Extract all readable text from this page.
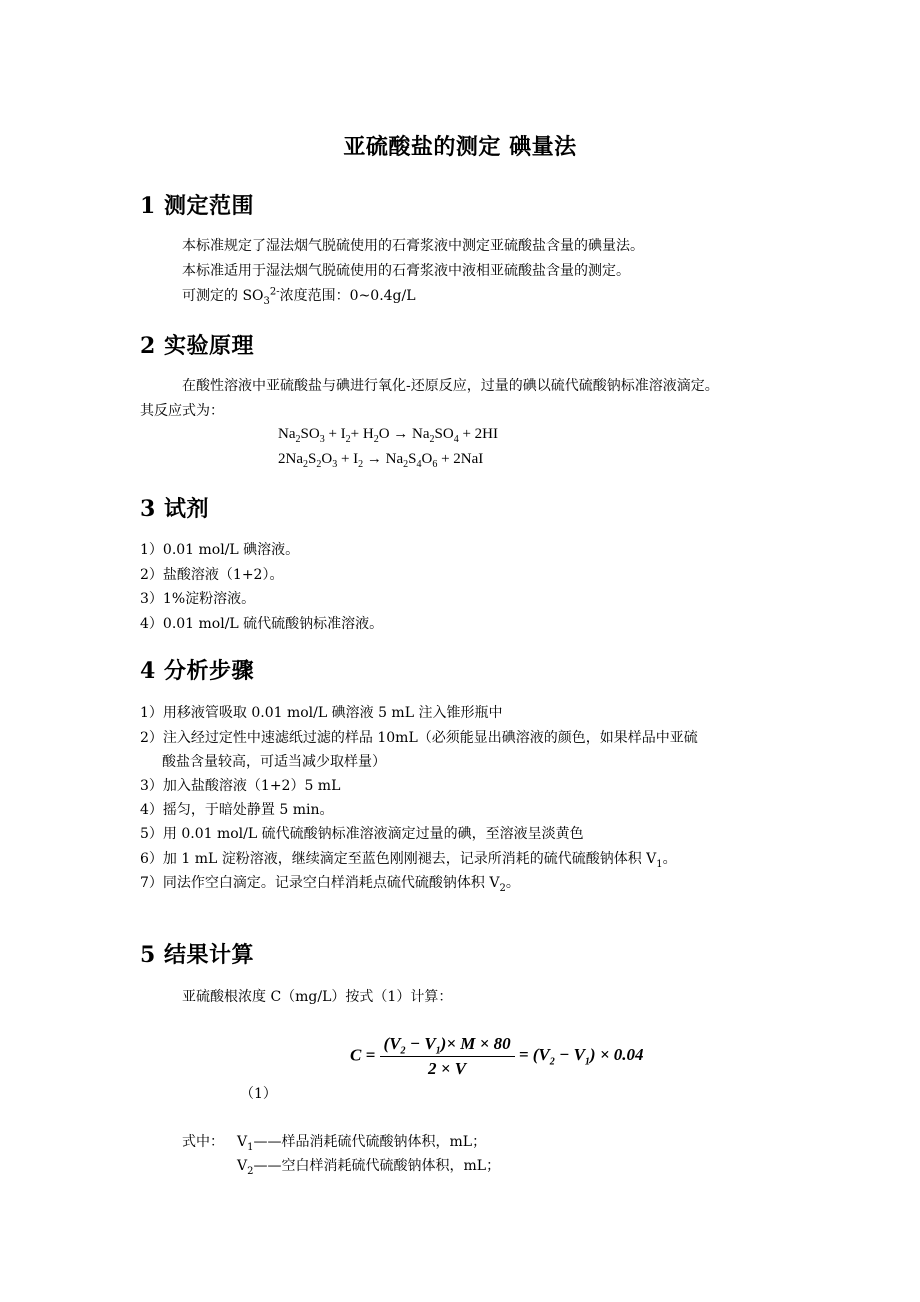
亚硫酸盐的测定 碘量法
1 测定范围
本标准规定了湿法烟气脱硫使用的石膏浆液中测定亚硫酸盐含量的碘量法。
本标准适用于湿法烟气脱硫使用的石膏浆液中液相亚硫酸盐含量的测定。
可测定的 $SO_3^{2-}$浓度范围：0~0.4g/L
2 实验原理
在酸性溶液中亚硫酸盐与碘进行氧化-还原反应，过量的碘以硫代硫酸钠标准溶液滴定。
其反应式为：
$Na_2SO_3 + I_2+ H_2O \to Na_2SO_4 + 2HI$
$2Na_2S_2O_3 + I_2 \to Na_2S_4O_6 + 2NaI$
3 试剂
1）0.01 mol/L 碘溶液。
2）盐酸溶液（1+2）。
3）1%淀粉溶液。
4）0.01 mol/L 硫代硫酸钠标准溶液。
4 分析步骤
1）用移液管吸取 0.01 mol/L 碘溶液 5 mL 注入锥形瓶中
2）注入经过定性中速滤纸过滤的样品 10mL（必须能显出碘溶液的颜色，如果样品中亚硫
酸盐含量较高，可适当减少取样量）
3）加入盐酸溶液（1+2）5 mL
4）摇匀，于暗处静置 5 min。
5）用 0.01 mol/L 硫代硫酸钠标准溶液滴定过量的碘，至溶液呈淡黄色
6）加 1 mL 淀粉溶液，继续滴定至蓝色刚刚褪去，记录所消耗的硫代硫酸钠体积 $V_1$。
7）同法作空白滴定。记录空白样消耗点硫代硫酸钠体积 $V_2$。
5 结果计算
亚硫酸根浓度 C（mg/L）按式（1）计算：
$C = \frac{(V_2 - V_1)\times M \times 80}{2 \times V} = (V_2 - V_1) \times 0.04$
（1）
式中： $V_1——$样品消耗硫代硫酸钠体积，mL；
$V_2——$空白样消耗硫代硫酸钠体积，mL；
